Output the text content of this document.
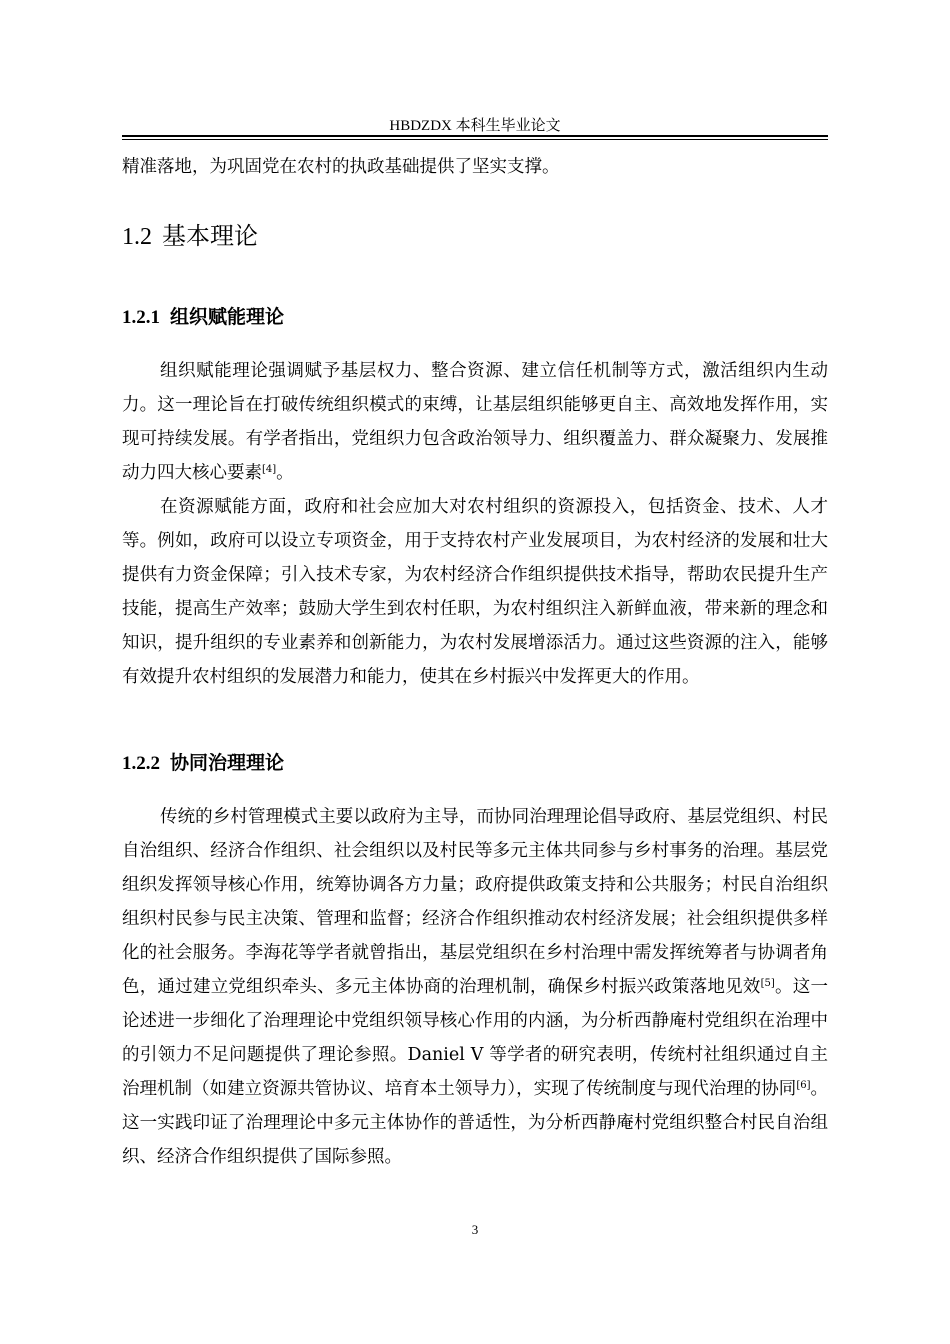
HBDZDX 本科生毕业论文

精准落地，为巩固党在农村的执政基础提供了坚实支撑。

1.2 基本理论
1.2.1 组织赋能理论

组织赋能理论强调赋予基层权力、整合资源、建立信任机制等方式，激活组织内生动力。这一理论旨在打破传统组织模式的束缚，让基层组织能够更自主、高效地发挥作用，实现可持续发展。有学者指出，党组织力包含政治领导力、组织覆盖力、群众凝聚力、发展推动力四大核心要素[4]。

在资源赋能方面，政府和社会应加大对农村组织的资源投入，包括资金、技术、人才等。例如，政府可以设立专项资金，用于支持农村产业发展项目，为农村经济的发展和壮大提供有力资金保障；引入技术专家，为农村经济合作组织提供技术指导，帮助农民提升生产技能，提高生产效率；鼓励大学生到农村任职，为农村组织注入新鲜血液，带来新的理念和知识，提升组织的专业素养和创新能力，为农村发展增添活力。通过这些资源的注入，能够有效提升农村组织的发展潜力和能力，使其在乡村振兴中发挥更大的作用。

1.2.2 协同治理理论

传统的乡村管理模式主要以政府为主导，而协同治理理论倡导政府、基层党组织、村民自治组织、经济合作组织、社会组织以及村民等多元主体共同参与乡村事务的治理。基层党组织发挥领导核心作用，统筹协调各方力量；政府提供政策支持和公共服务；村民自治组织组织村民参与民主决策、管理和监督；经济合作组织推动农村经济发展；社会组织提供多样化的社会服务。李海花等学者就曾指出，基层党组织在乡村治理中需发挥统筹者与协调者角色，通过建立党组织牵头、多元主体协商的治理机制，确保乡村振兴政策落地见效[5]。这一论述进一步细化了治理理论中党组织领导核心作用的内涵，为分析西静庵村党组织在治理中的引领力不足问题提供了理论参照。Daniel V 等学者的研究表明，传统村社组织通过自主治理机制（如建立资源共管协议、培育本土领导力），实现了传统制度与现代治理的协同[6]。这一实践印证了治理理论中多元主体协作的普适性，为分析西静庵村党组织整合村民自治组织、经济合作组织提供了国际参照。

3
